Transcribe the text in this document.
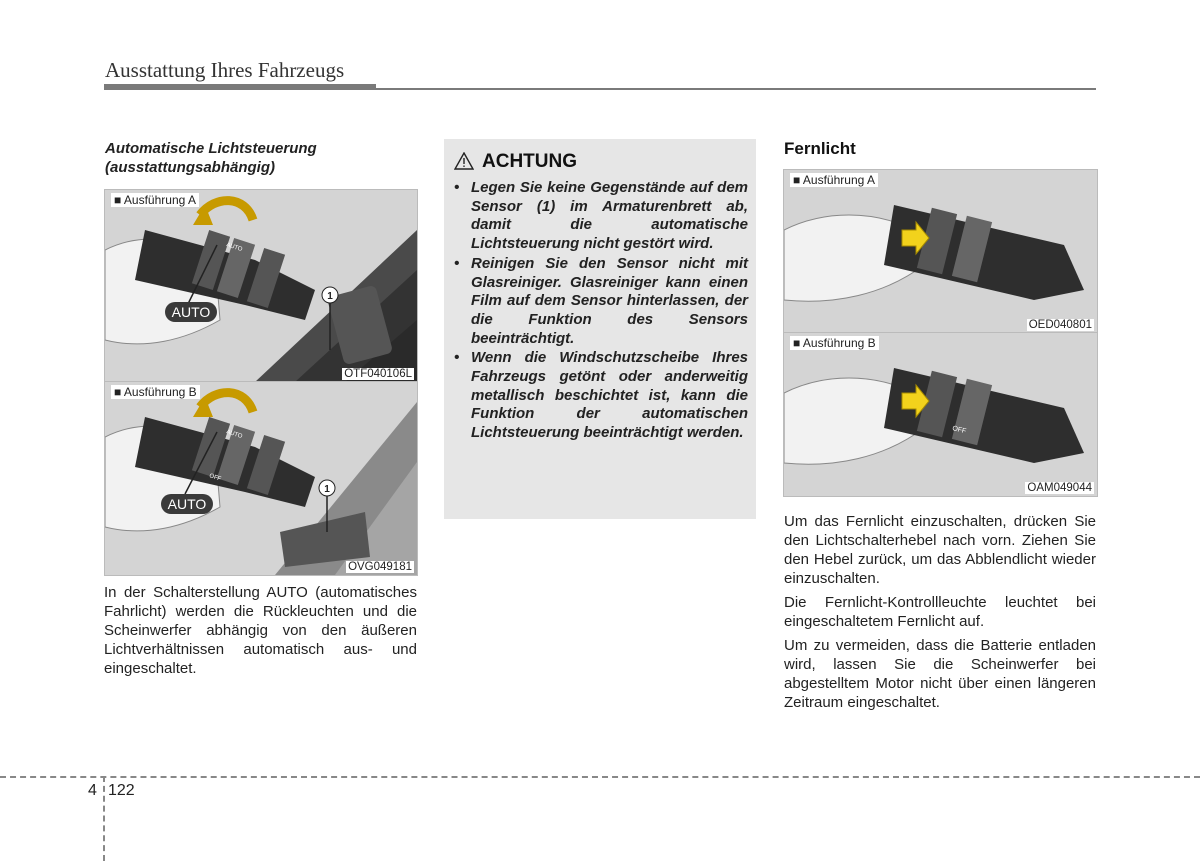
Ausstattung Ihres Fahrzeugs
Automatische Lichtsteuerung
(ausstattungsabhängig)
■ Ausführung A
AUTO
1
AUTO
OTF040106L
■ Ausführung B
AUTO
1
AUTO
OFF
OVG049181

In der Schalterstellung AUTO (automatisches Fahrlicht) werden die Rückleuchten und die Scheinwerfer abhängig von den äußeren Lichtverhältnissen automatisch aus- und eingeschaltet.

ACHTUNG
• Legen Sie keine Gegenstände auf dem Sensor (1) im Armaturenbrett ab, damit die automatische Lichtsteuerung nicht gestört wird.
• Reinigen Sie den Sensor nicht mit Glasreiniger. Glasreiniger kann einen Film auf dem Sensor hinterlassen, der die Funktion des Sensors beeinträchtigt.
• Wenn die Windschutzscheibe Ihres Fahrzeugs getönt oder anderweitig metallisch beschichtet ist, kann die Funktion der automatischen Lichtsteuerung beeinträchtigt werden.
Fernlicht
■ Ausführung A
OED040801
■ Ausführung B
OFF
OAM049044

Um das Fernlicht einzuschalten, drücken Sie den Lichtschalterhebel nach vorn. Ziehen Sie den Hebel zurück, um das Abblendlicht wieder einzuschalten.

Die Fernlicht-Kontrollleuchte leuchtet bei eingeschaltetem Fernlicht auf.

Um zu vermeiden, dass die Batterie entladen wird, lassen Sie die Scheinwerfer bei abgestelltem Motor nicht über einen längeren Zeitraum eingeschaltet.

4 122
